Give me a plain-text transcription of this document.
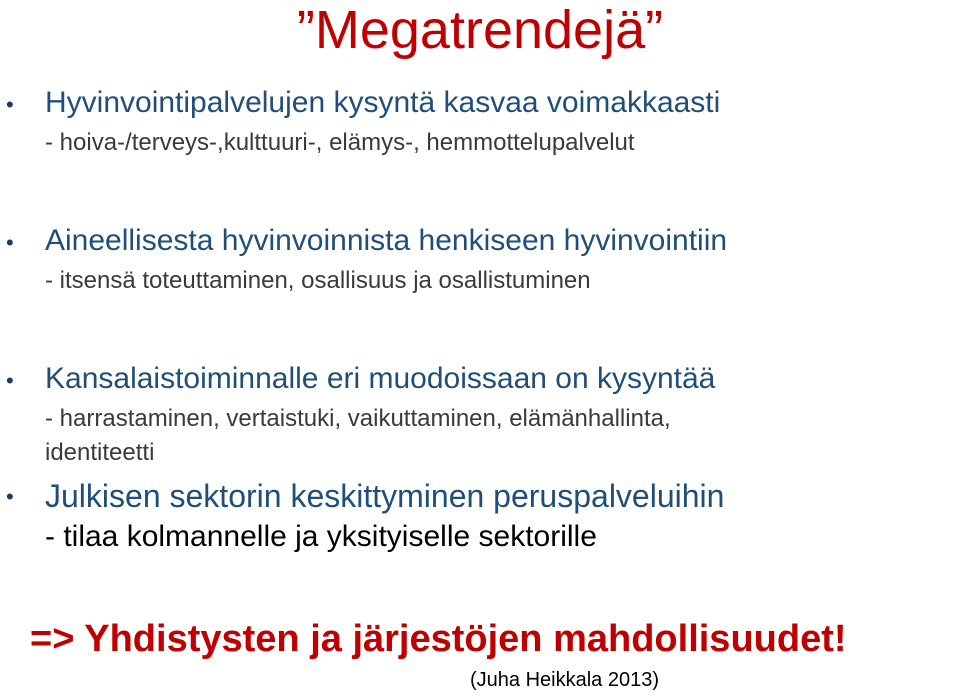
”Megatrendejä”
• Hyvinvointipalvelujen kysyntä kasvaa voimakkaasti
- hoiva-/terveys-,kulttuuri-, elämys-, hemmottelupalvelut
• Aineellisesta hyvinvoinnista henkiseen hyvinvointiin
- itsensä toteuttaminen, osallisuus ja osallistuminen
• Kansalaistoiminnalle eri muodoissaan on kysyntää
- harrastaminen, vertaistuki, vaikuttaminen, elämänhallinta,
identiteetti
• Julkisen sektorin keskittyminen peruspalveluihin
- tilaa kolmannelle ja yksityiselle sektorille
=> Yhdistysten ja järjestöjen mahdollisuudet!
(Juha Heikkala 2013)
